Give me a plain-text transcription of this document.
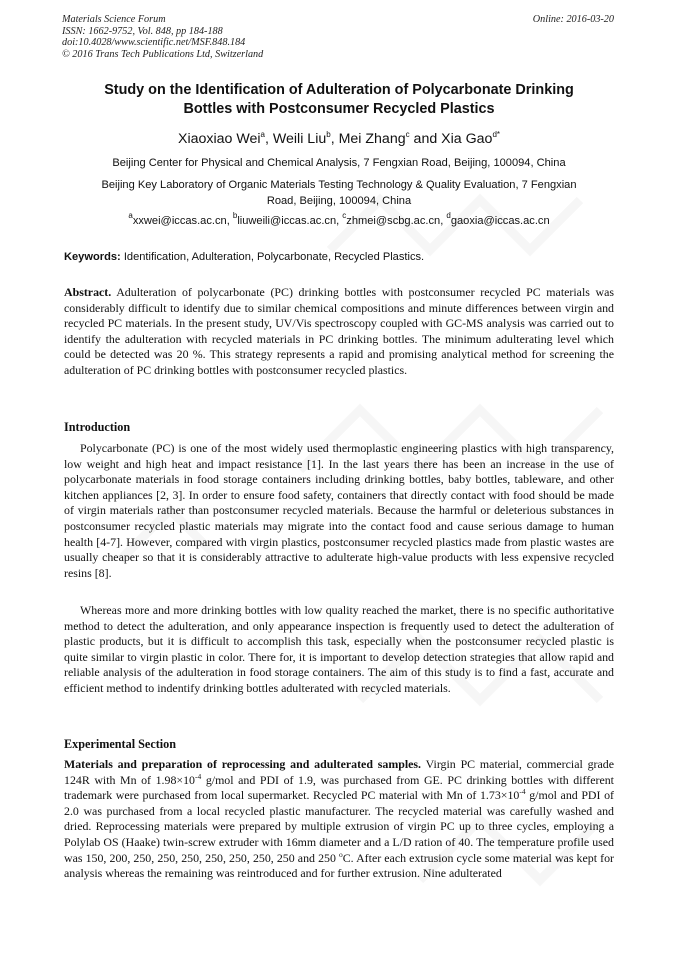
Materials Science Forum
ISSN: 1662-9752, Vol. 848, pp 184-188
doi:10.4028/www.scientific.net/MSF.848.184
© 2016 Trans Tech Publications Ltd, Switzerland
Online: 2016-03-20
Study on the Identification of Adulteration of Polycarbonate Drinking
Bottles with Postconsumer Recycled Plastics
Xiaoxiao Wei$^a$, Weili Liu$^b$, Mei Zhang$^c$ and Xia Gao$^{d*}$
Beijing Center for Physical and Chemical Analysis, 7 Fengxian Road, Beijing, 100094, China
Beijing Key Laboratory of Organic Materials Testing Technology & Quality Evaluation, 7 Fengxian
Road, Beijing, 100094, China
$^a$xxwei@iccas.ac.cn, $^b$liuweili@iccas.ac.cn, $^c$zhmei@scbg.ac.cn, $^d$gaoxia@iccas.ac.cn
Keywords: Identification, Adulteration, Polycarbonate, Recycled Plastics.
Abstract. Adulteration of polycarbonate (PC) drinking bottles with postconsumer recycled PC materials was considerably difficult to identify due to similar chemical compositions and minute differences between virgin and recycled PC materials. In the present study, UV/Vis spectroscopy coupled with GC-MS analysis was carried out to identify the adulteration with recycled materials in PC drinking bottles. The minimum adulterating level which could be detected was 20 %. This strategy represents a rapid and promising analytical method for screening the adulteration of PC drinking bottles with postconsumer recycled plastics.
Introduction
Polycarbonate (PC) is one of the most widely used thermoplastic engineering plastics with high transparency, low weight and high heat and impact resistance [1]. In the last years there has been an increase in the use of polycarbonate materials in food storage containers including drinking bottles, baby bottles, tableware, and other kitchen appliances [2, 3]. In order to ensure food safety, containers that directly contact with food should be made of virgin materials rather than postconsumer recycled materials. Because the harmful or deleterious substances in postconsumer recycled plastic materials may migrate into the contact food and cause serious damage to human health [4-7]. However, compared with virgin plastics, postconsumer recycled plastics made from plastic wastes are usually cheaper so that it is considerably attractive to adulterate high-value products with less expensive recycled resins [8].
Whereas more and more drinking bottles with low quality reached the market, there is no specific authoritative method to detect the adulteration, and only appearance inspection is frequently used to detect the adulteration of plastic products, but it is difficult to accomplish this task, especially when the postconsumer recycled plastic is quite similar to virgin plastic in color. There for, it is important to develop detection strategies that allow rapid and reliable analysis of the adulteration in food storage containers. The aim of this study is to find a fast, accurate and efficient method to indentify drinking bottles adulterated with recycled materials.
Experimental Section
Materials and preparation of reprocessing and adulterated samples. Virgin PC material, commercial grade 124R with Mn of $1.98\times 10^{-4}$ g/mol and PDI of 1.9, was purchased from GE. PC drinking bottles with different trademark were purchased from local supermarket. Recycled PC material with Mn of $1.73\times 10^{-4}$ g/mol and PDI of 2.0 was purchased from a local recycled plastic manufacturer. The recycled material was carefully washed and dried. Reprocessing materials were prepared by multiple extrusion of virgin PC up to three cycles, employing a Polylab OS (Haake) twin-screw extruder with 16mm diameter and a L/D ration of 40. The temperature profile used was 150, 200, 250, 250, 250, 250, 250, 250, 250 and 250 $^o$C. After each extrusion cycle some material was kept for analysis whereas the remaining was reintroduced and for further extrusion. Nine adulterated
